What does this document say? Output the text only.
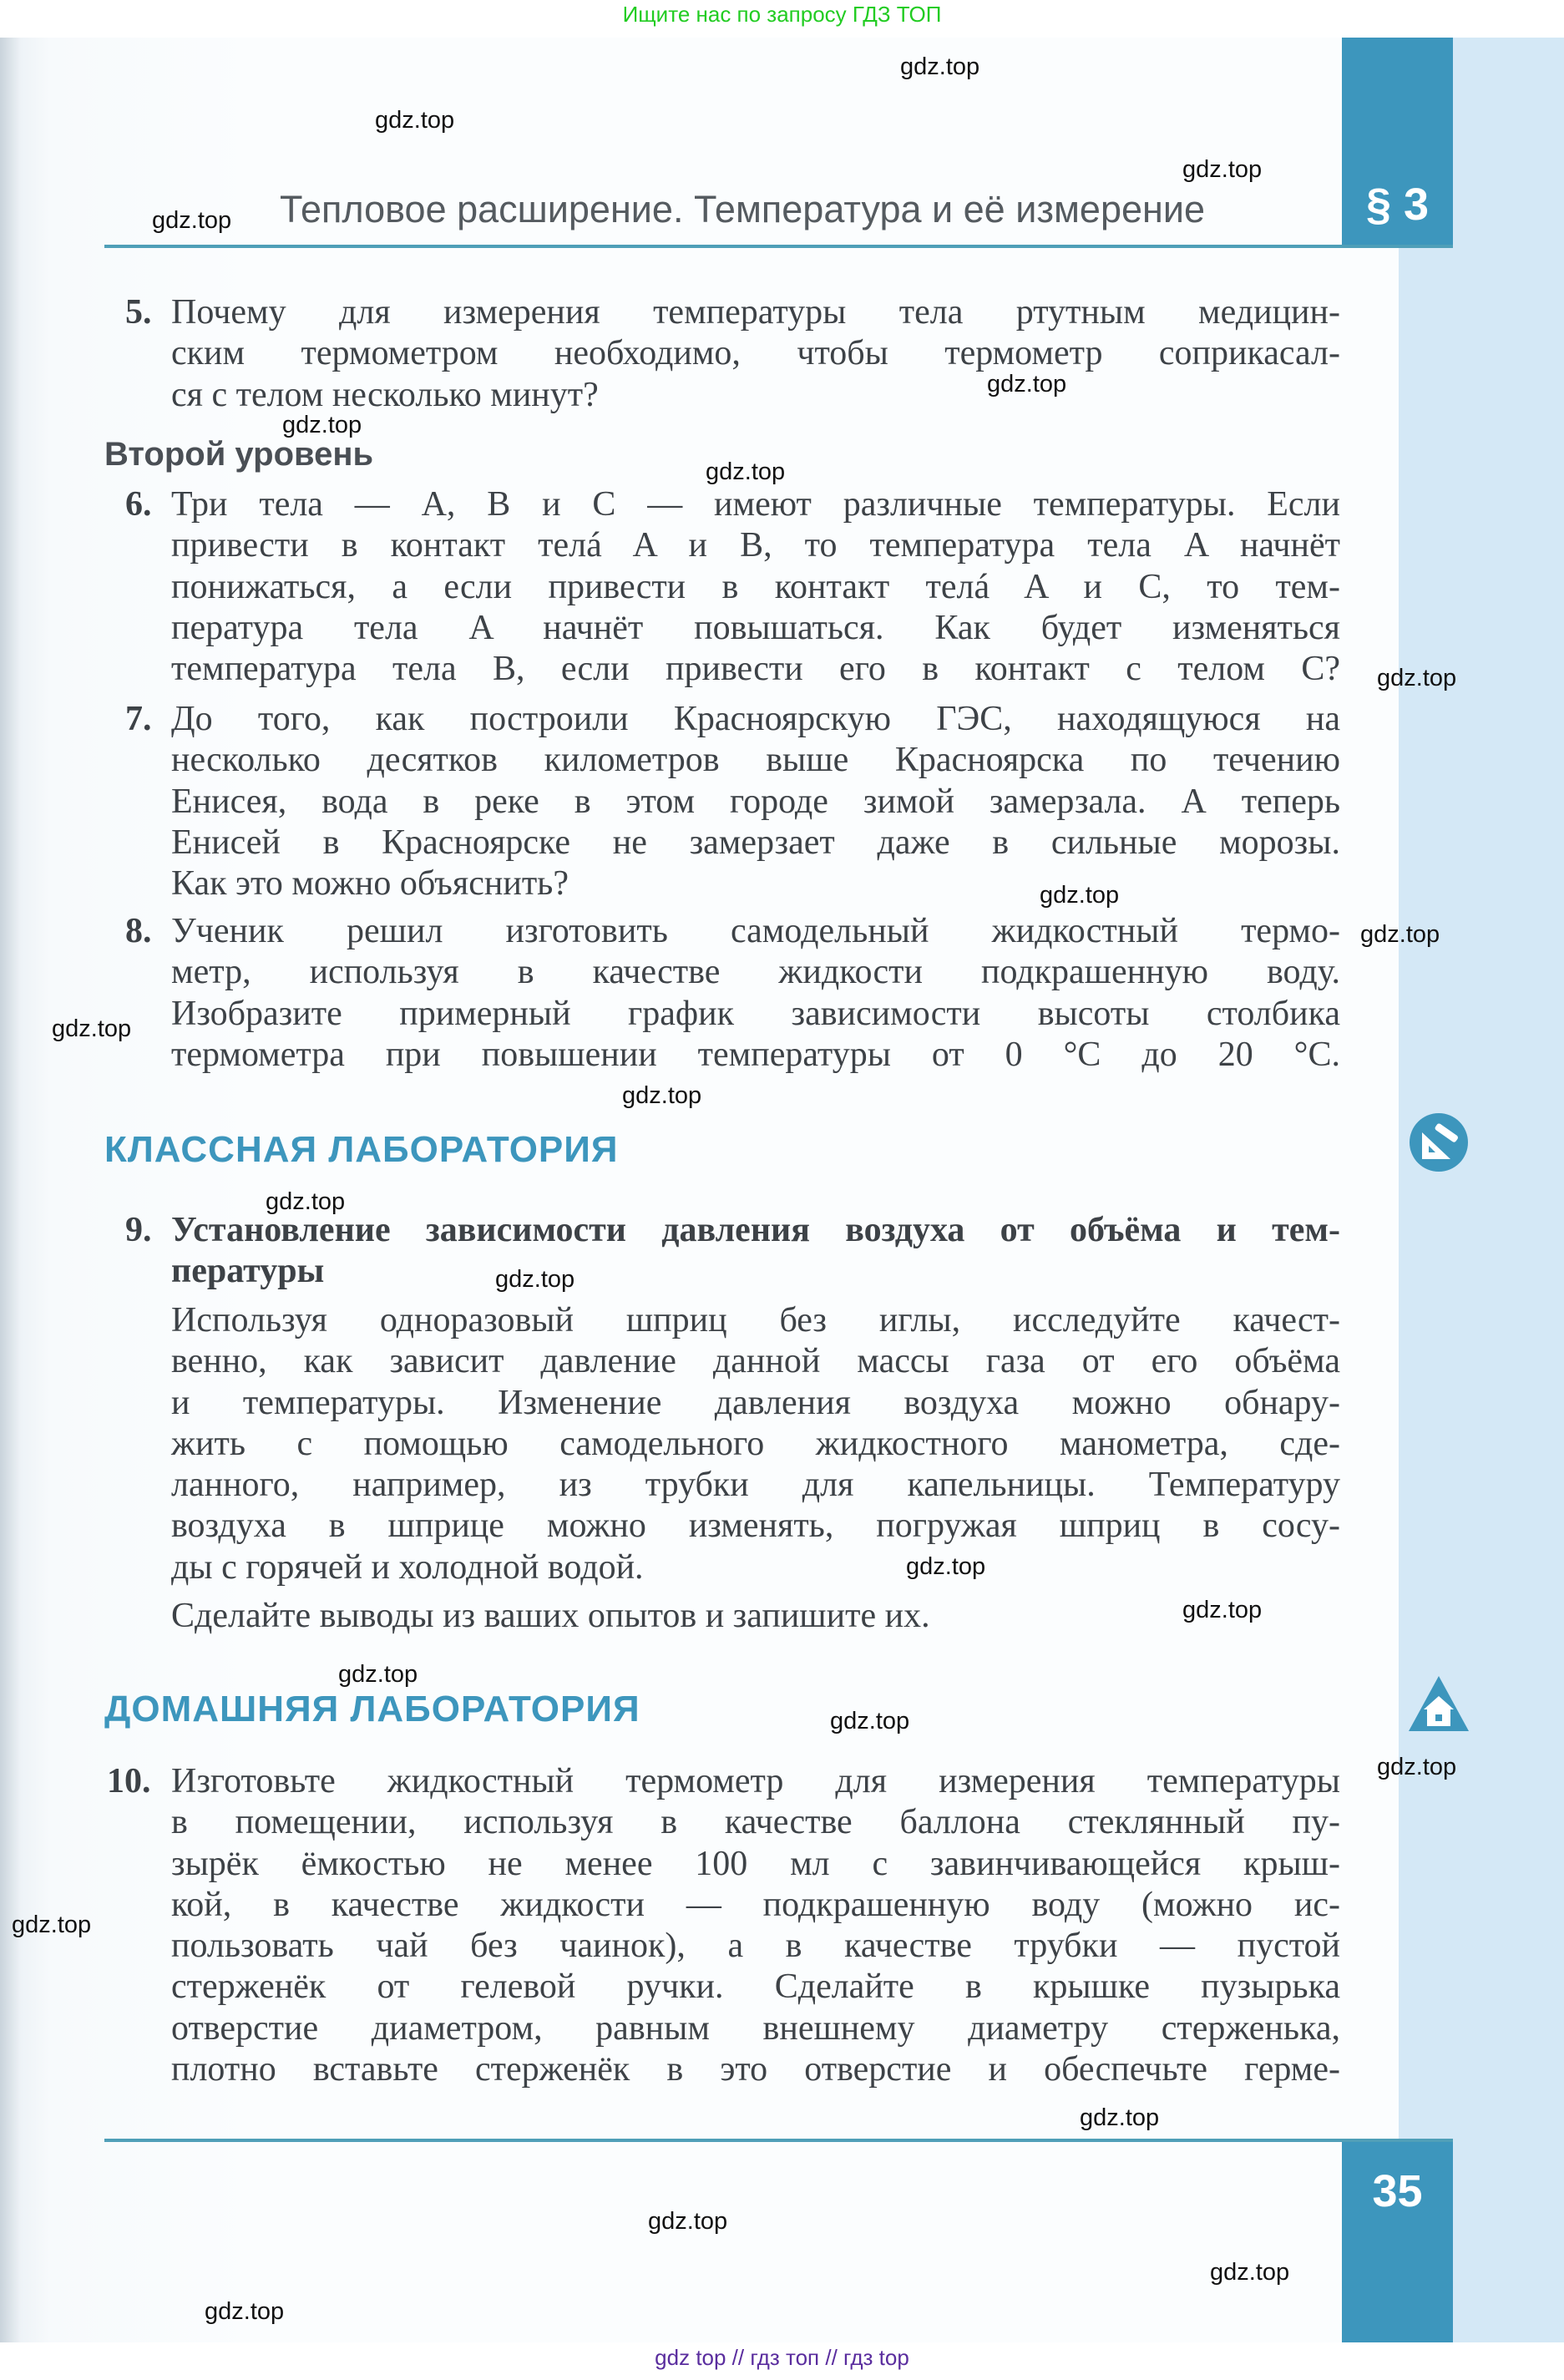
Ищите нас по запросу ГДЗ ТОП
§ 3
35
Тепловое расширение. Температура и её измерение
5. Почему для измерения температуры тела ртутным медицин-
ским термометром необходимо, чтобы термометр соприкасал-
ся с телом несколько минут?
Второй уровень
6. Три тела — A, B и C — имеют различные температуры. Если
привести в контакт телá A и B, то температура тела A начнёт
понижаться, а если привести в контакт телá A и C, то тем-
пература тела A начнёт повышаться. Как будет изменяться
температура тела B, если привести его в контакт с телом C?
7. До того, как построили Красноярскую ГЭС, находящуюся на
несколько десятков километров выше Красноярска по течению
Енисея, вода в реке в этом городе зимой замерзала. А теперь
Енисей в Красноярске не замерзает даже в сильные морозы.
Как это можно объяснить?
8. Ученик решил изготовить самодельный жидкостный термо-
метр, используя в качестве жидкости подкрашенную воду.
Изобразите примерный график зависимости высоты столбика
термометра при повышении температуры от 0 °С до 20 °С.
КЛАССНАЯ ЛАБОРАТОРИЯ
9. Установление зависимости давления воздуха от объёма и тем-
пературы
Используя одноразовый шприц без иглы, исследуйте качест-
венно, как зависит давление данной массы газа от его объёма
и температуры. Изменение давления воздуха можно обнару-
жить с помощью самодельного жидкостного манометра, сде-
ланного, например, из трубки для капельницы. Температуру
воздуха в шприце можно изменять, погружая шприц в сосу-
ды с горячей и холодной водой.
Сделайте выводы из ваших опытов и запишите их.
ДОМАШНЯЯ ЛАБОРАТОРИЯ
10. Изготовьте жидкостный термометр для измерения температуры
в помещении, используя в качестве баллона стеклянный пу-
зырёк ёмкостью не менее 100 мл с завинчивающейся крыш-
кой, в качестве жидкости — подкрашенную воду (можно ис-
пользовать чай без чаинок), а в качестве трубки — пустой
стерженёк от гелевой ручки. Сделайте в крышке пузырька
отверстие диаметром, равным внешнему диаметру стерженька,
плотно вставьте стерженёк в это отверстие и обеспечьте герме-
gdz.top
gdz.top
gdz.top
gdz.top
gdz.top
gdz.top
gdz.top
gdz.top
gdz.top
gdz.top
gdz.top
gdz.top
gdz.top
gdz.top
gdz.top
gdz.top
gdz.top
gdz.top
gdz.top
gdz.top
gdz.top
gdz.top
gdz.top
gdz.top
gdz top // гдз топ // гдз top
